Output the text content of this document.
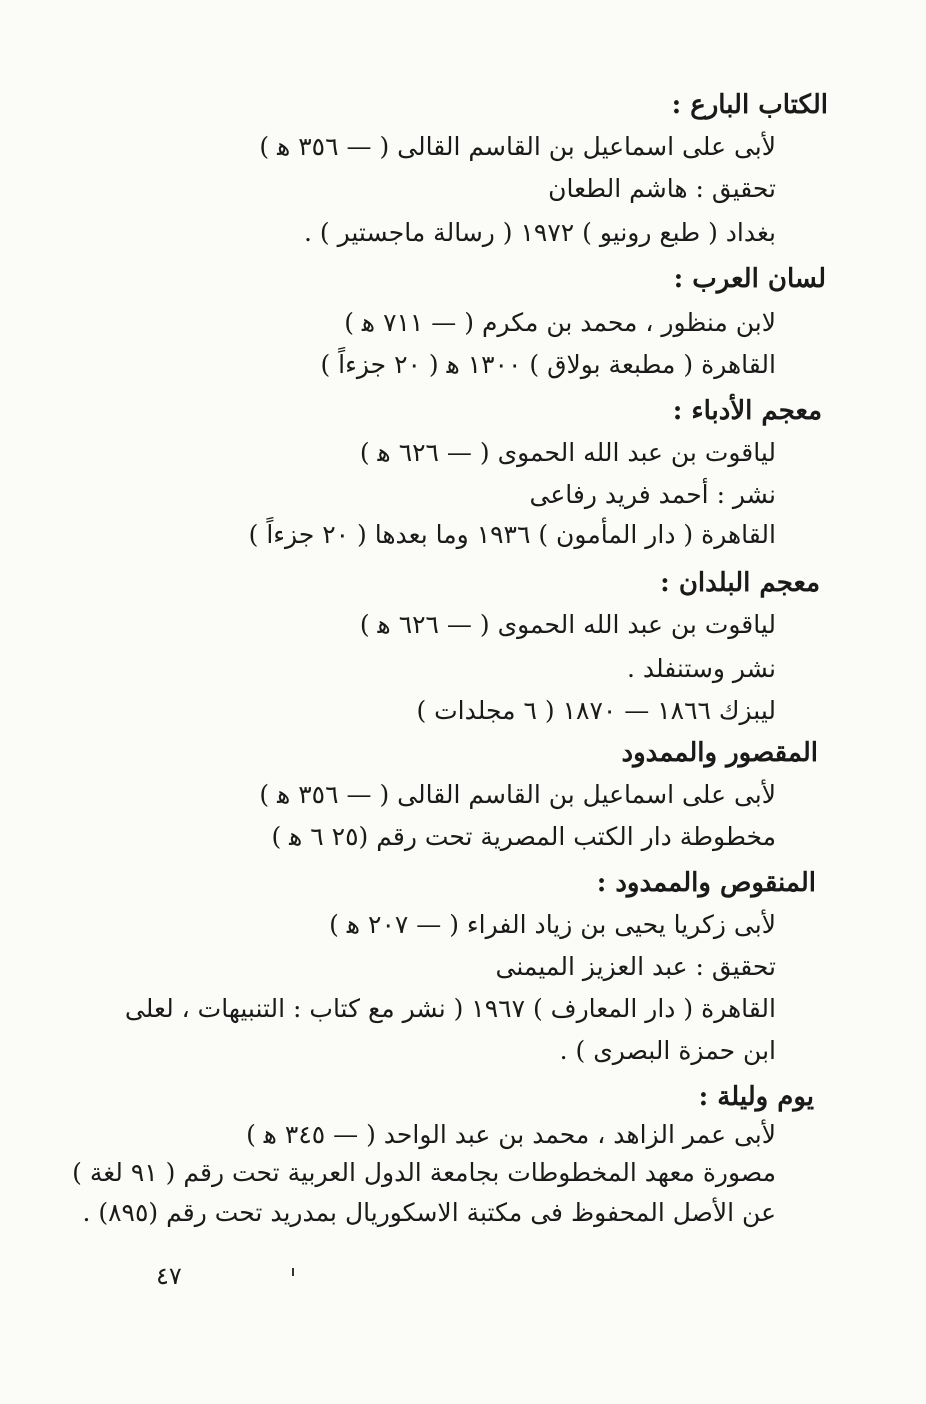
الكتاب البارع :
لأبى على اسماعيل بن القاسم القالى ( — ٣٥٦ ﻫ )
تحقيق : هاشم الطعان
بغداد ( طبع رونيو ) ١٩٧٢ ( رسالة ماجستير ) .
لسان العرب :
لابن منظور ، محمد بن مكرم ( — ٧١١ ﻫ )
القاهرة ( مطبعة بولاق ) ١٣٠٠ ﻫ ( ٢٠ جزءاً )
معجم الأدباء :
لياقوت بن عبد الله الحموى ( — ٦٢٦ ﻫ )
نشر : أحمد فريد رفاعى
القاهرة ( دار المأمون ) ١٩٣٦ وما بعدها ( ٢٠ جزءاً )
معجم البلدان :
لياقوت بن عبد الله الحموى ( — ٦٢٦ ﻫ )
نشر وستنفلد .
ليبزك ١٨٦٦ — ١٨٧٠ ( ٦ مجلدات )
المقصور والممدود
لأبى على اسماعيل بن القاسم القالى ( — ٣٥٦ ﻫ )
مخطوطة دار الكتب المصرية تحت رقم (٢٥ ٦ ﻫ )
المنقوص والممدود :
لأبى زكريا يحيى بن زياد الفراء ( — ٢٠٧ ﻫ )
تحقيق : عبد العزيز الميمنى
القاهرة ( دار المعارف ) ١٩٦٧ ( نشر مع كتاب : التنبيهات ، لعلى
ابن حمزة البصرى ) .
يوم وليلة :
لأبى عمر الزاهد ، محمد بن عبد الواحد ( — ٣٤٥ ﻫ )
مصورة معهد المخطوطات بجامعة الدول العربية تحت رقم ( ٩١ لغة )
عن الأصل المحفوظ فى مكتبة الاسكوريال بمدريد تحت رقم (٨٩٥) .
٤٧
